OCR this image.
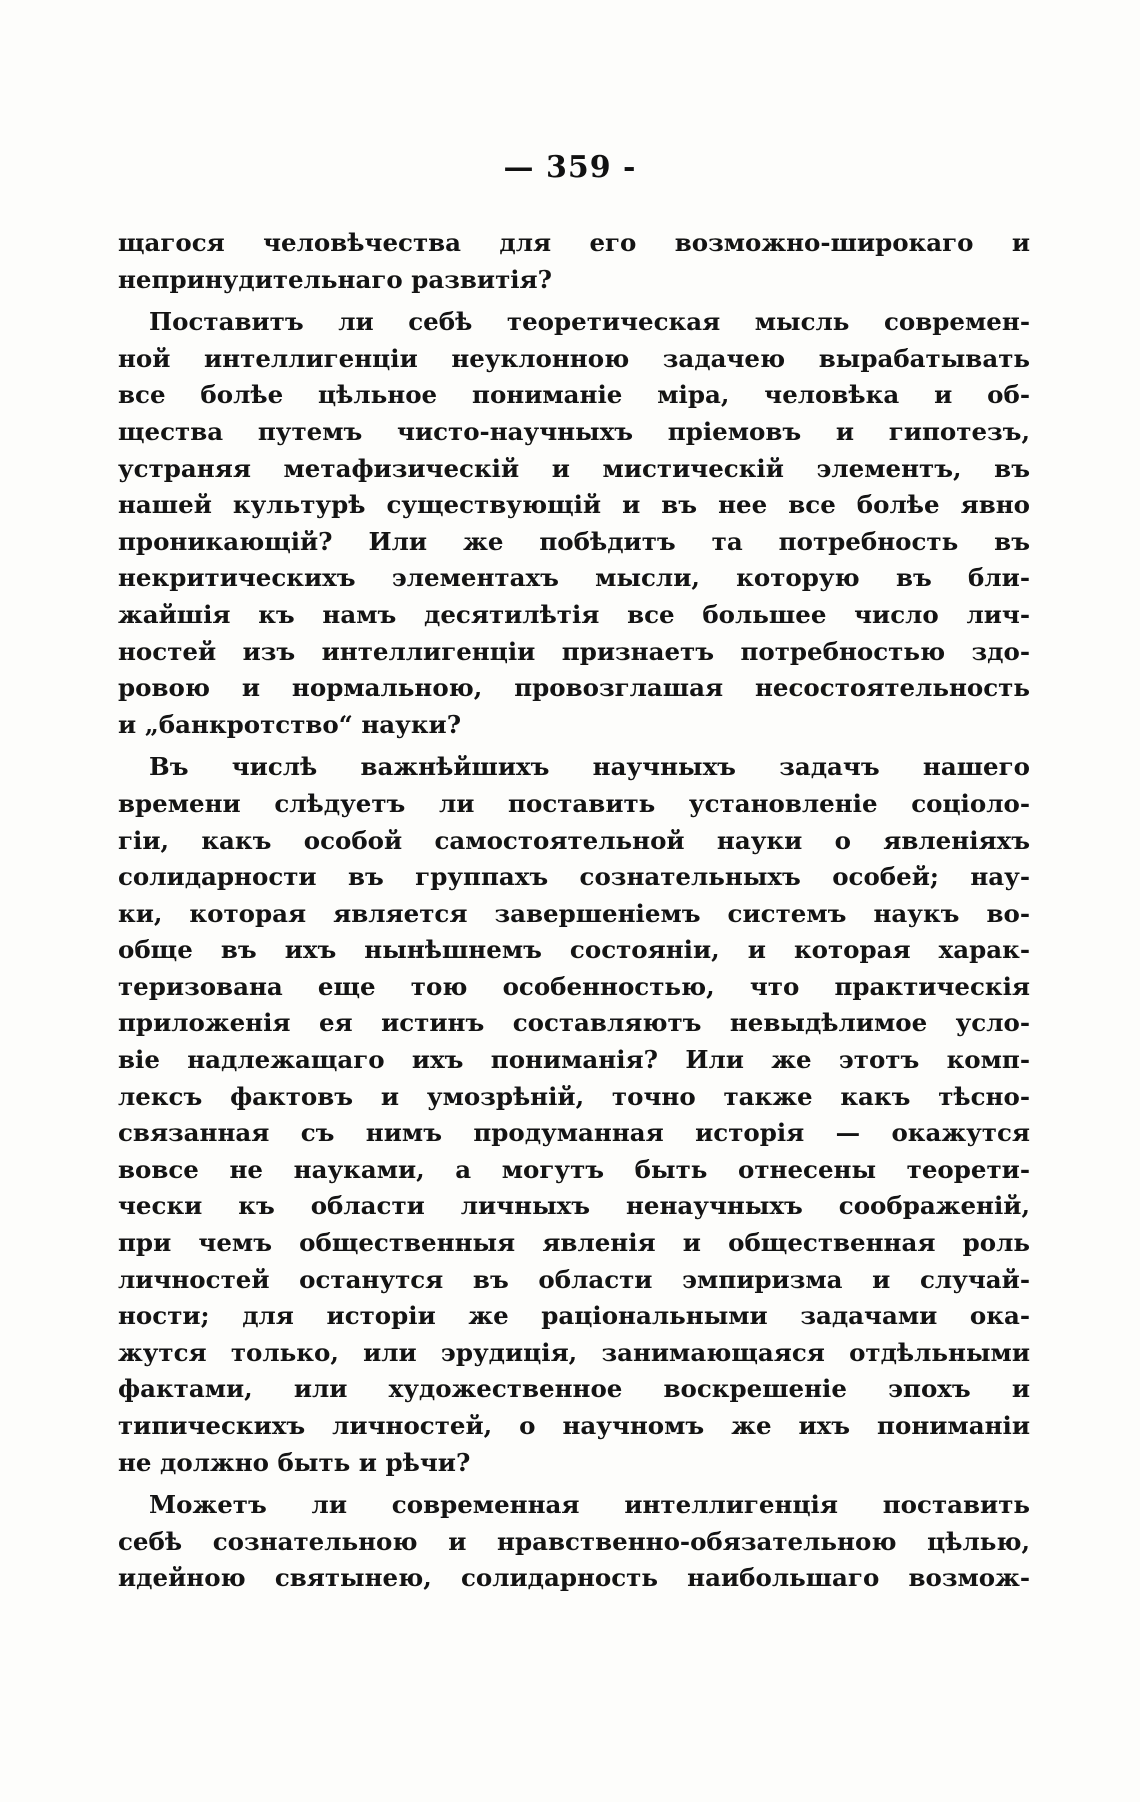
— 359 -
щагося человѣчества для его возможно-широкаго и
непринудительнаго развитія?
Поставитъ ли себѣ теоретическая мысль современ-
ной интеллигенціи неуклонною задачею вырабатывать
все болѣе цѣльное пониманіе міра, человѣка и об-
щества путемъ чисто-научныхъ пріемовъ и гипотезъ,
устраняя метафизическій и мистическій элементъ, въ
нашей культурѣ существующій и въ нее все болѣе явно
проникающій? Или же побѣдитъ та потребность въ
некритическихъ элементахъ мысли, которую въ бли-
жайшія къ намъ десятилѣтія все большее число лич-
ностей изъ интеллигенціи признаетъ потребностью здо-
ровою и нормальною, провозглашая несостоятельность
и „банкротство“ науки?
Въ числѣ важнѣйшихъ научныхъ задачъ нашего
времени слѣдуетъ ли поставить установленіе соціоло-
гіи, какъ особой самостоятельной науки о явленіяхъ
солидарности въ группахъ сознательныхъ особей; нау-
ки, которая является завершеніемъ системъ наукъ во-
обще въ ихъ нынѣшнемъ состояніи, и которая харак-
теризована еще тою особенностью, что практическія
приложенія ея истинъ составляютъ невыдѣлимое усло-
віе надлежащаго ихъ пониманія? Или же этотъ комп-
лексъ фактовъ и умозрѣній, точно также какъ тѣсно-
связанная съ нимъ продуманная исторія — окажутся
вовсе не науками, а могутъ быть отнесены теорети-
чески къ области личныхъ ненаучныхъ соображеній,
при чемъ общественныя явленія и общественная роль
личностей останутся въ области эмпиризма и случай-
ности; для исторіи же раціональными задачами ока-
жутся только, или эрудиція, занимающаяся отдѣльными
фактами, или художественное воскрешеніе эпохъ и
типическихъ личностей, о научномъ же ихъ пониманіи
не должно быть и рѣчи?
Можетъ ли современная интеллигенція поставить
себѣ сознательною и нравственно-обязательною цѣлью,
идейною святынею, солидарность наибольшаго возмож-
